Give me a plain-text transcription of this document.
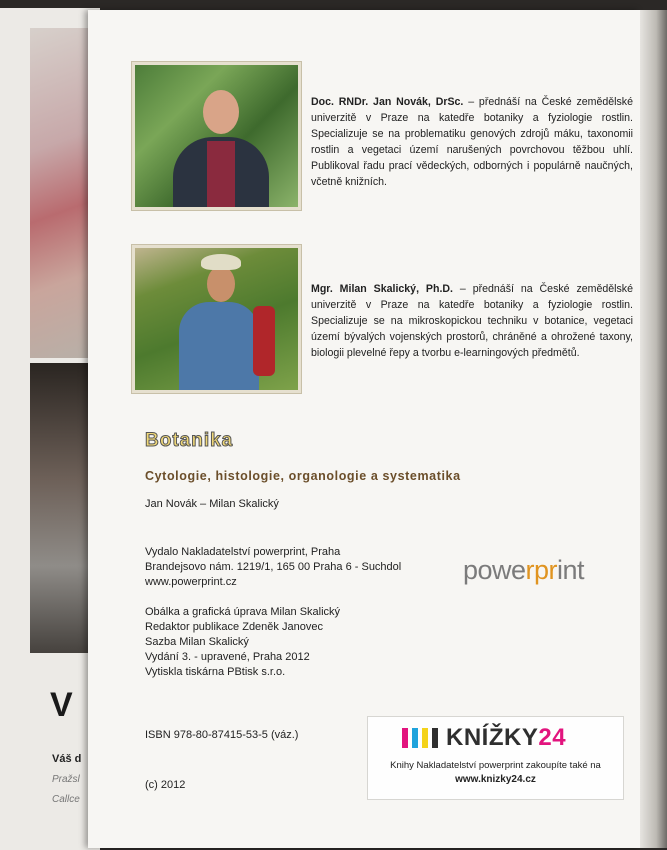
V
Váš d
Pražsl
Callce
Doc. RNDr. Jan Novák, DrSc. – přednáší na České zemědělské univerzitě v Praze na katedře botaniky a fyziologie rostlin. Specializuje se na problematiku genových zdrojů máku, taxonomii rostlin a vegetaci území narušených povrchovou těžbou uhlí. Publikoval řadu prací vědeckých, odborných i populárně naučných, včetně knižních.
Mgr. Milan Skalický, Ph.D. – přednáší na České zemědělské univerzitě v Praze na katedře botaniky a fyziologie rostlin. Specializuje se na mikroskopickou techniku v botanice, vegetaci území bývalých vojenských prostorů, chráněné a ohrožené taxony, biologii plevelné řepy a tvorbu e-learningových předmětů.
Botanika
Cytologie, histologie, organologie a systematika
Jan Novák – Milan Skalický
Vydalo Nakladatelství powerprint, Praha
Brandejsovo nám. 1219/1, 165 00 Praha 6 - Suchdol
www.powerprint.cz
Obálka a grafická úprava Milan Skalický
Redaktor publikace Zdeněk Janovec
Sazba Milan Skalický
Vydání 3. - upravené, Praha 2012
Vytiskla tiskárna PBtisk s.r.o.
ISBN 978-80-87415-53-5 (váz.)
(c) 2012
powerprint
KNÍŽKY24
Knihy Nakladatelství powerprint zakoupíte také na
www.knizky24.cz
